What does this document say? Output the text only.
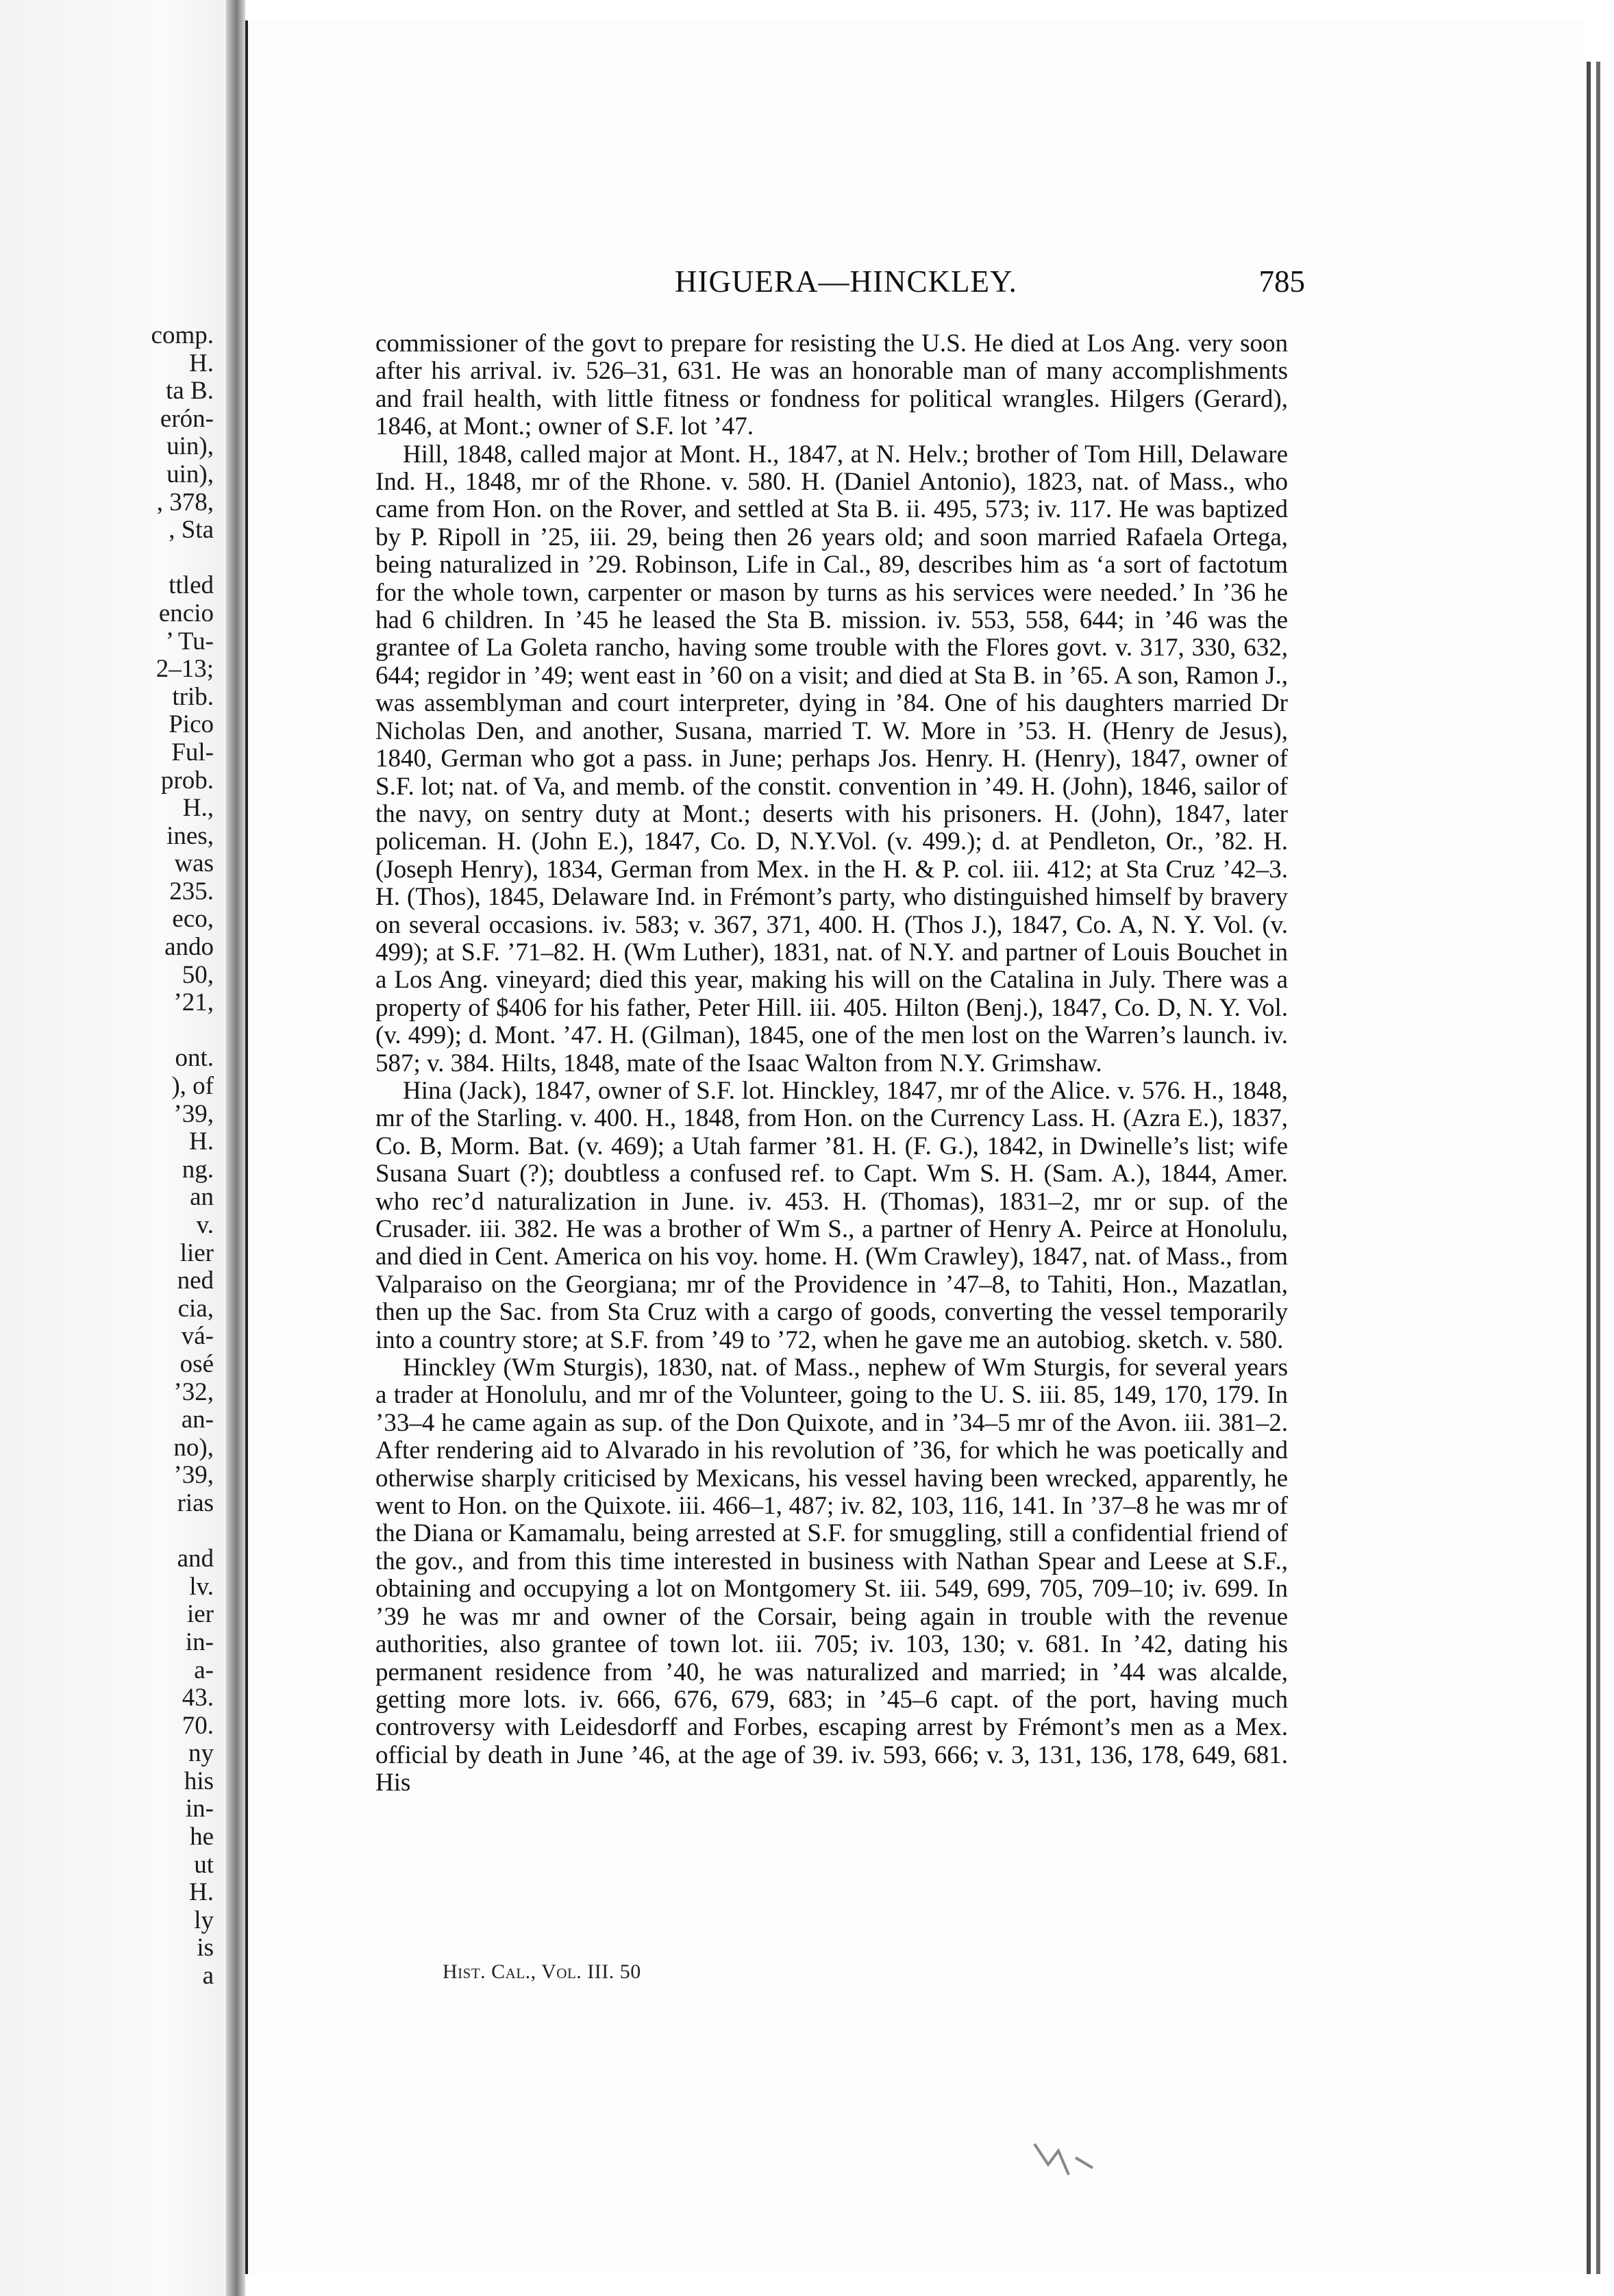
comp.
H.
ta B.
erón-
uin),
uin),
, 378,
, Sta
ttled
encio
’ Tu-
2–13;
trib.
Pico
Ful-
prob.
H.,
ines,
was
235.
eco,
ando
50,
’21,
ont.
), of
’39,
H.
ng.
an
v.
lier
ned
cia,
vá-
osé
’32,
an-
no),
’39,
rias
and
lv.
ier
in-
a-
43.
70.
ny
his
in-
he
ut
H.
ly
is
a
HIGUERA—HINCKLEY.	785

commissioner of the govt to prepare for resisting the U.S. He died at Los Ang. very soon after his arrival. iv. 526–31, 631. He was an honorable man of many accomplishments and frail health, with little fitness or fondness for political wrangles. Hilgers (Gerard), 1846, at Mont.; owner of S.F. lot ’47.

Hill, 1848, called major at Mont. H., 1847, at N. Helv.; brother of Tom Hill, Delaware Ind. H., 1848, mr of the Rhone. v. 580. H. (Daniel Antonio), 1823, nat. of Mass., who came from Hon. on the Rover, and settled at Sta B. ii. 495, 573; iv. 117. He was baptized by P. Ripoll in ’25, iii. 29, being then 26 years old; and soon married Rafaela Ortega, being naturalized in ’29. Robinson, Life in Cal., 89, describes him as ‘a sort of factotum for the whole town, carpenter or mason by turns as his services were needed.’ In ’36 he had 6 children. In ’45 he leased the Sta B. mission. iv. 553, 558, 644; in ’46 was the grantee of La Goleta rancho, having some trouble with the Flores govt. v. 317, 330, 632, 644; regidor in ’49; went east in ’60 on a visit; and died at Sta B. in ’65. A son, Ramon J., was assemblyman and court interpreter, dying in ’84. One of his daughters married Dr Nicholas Den, and another, Susana, married T. W. More in ’53. H. (Henry de Jesus), 1840, German who got a pass. in June; perhaps Jos. Henry. H. (Henry), 1847, owner of S.F. lot; nat. of Va, and memb. of the constit. convention in ’49. H. (John), 1846, sailor of the navy, on sentry duty at Mont.; deserts with his prisoners. H. (John), 1847, later policeman. H. (John E.), 1847, Co. D, N.Y.Vol. (v. 499.); d. at Pendleton, Or., ’82. H. (Joseph Henry), 1834, German from Mex. in the H. & P. col. iii. 412; at Sta Cruz ’42–3. H. (Thos), 1845, Delaware Ind. in Frémont’s party, who distinguished himself by bravery on several occasions. iv. 583; v. 367, 371, 400. H. (Thos J.), 1847, Co. A, N. Y. Vol. (v. 499); at S.F. ’71–82. H. (Wm Luther), 1831, nat. of N.Y. and partner of Louis Bouchet in a Los Ang. vineyard; died this year, making his will on the Catalina in July. There was a property of $406 for his father, Peter Hill. iii. 405. Hilton (Benj.), 1847, Co. D, N. Y. Vol. (v. 499); d. Mont. ’47. H. (Gilman), 1845, one of the men lost on the Warren’s launch. iv. 587; v. 384. Hilts, 1848, mate of the Isaac Walton from N.Y. Grimshaw.

Hina (Jack), 1847, owner of S.F. lot. Hinckley, 1847, mr of the Alice. v. 576. H., 1848, mr of the Starling. v. 400. H., 1848, from Hon. on the Currency Lass. H. (Azra E.), 1837, Co. B, Morm. Bat. (v. 469); a Utah farmer ’81. H. (F. G.), 1842, in Dwinelle’s list; wife Susana Suart (?); doubtless a confused ref. to Capt. Wm S. H. (Sam. A.), 1844, Amer. who rec’d naturalization in June. iv. 453. H. (Thomas), 1831–2, mr or sup. of the Crusader. iii. 382. He was a brother of Wm S., a partner of Henry A. Peirce at Honolulu, and died in Cent. America on his voy. home. H. (Wm Crawley), 1847, nat. of Mass., from Valparaiso on the Georgiana; mr of the Providence in ’47–8, to Tahiti, Hon., Mazatlan, then up the Sac. from Sta Cruz with a cargo of goods, converting the vessel temporarily into a country store; at S.F. from ’49 to ’72, when he gave me an autobiog. sketch. v. 580.

Hinckley (Wm Sturgis), 1830, nat. of Mass., nephew of Wm Sturgis, for several years a trader at Honolulu, and mr of the Volunteer, going to the U. S. iii. 85, 149, 170, 179. In ’33–4 he came again as sup. of the Don Quixote, and in ’34–5 mr of the Avon. iii. 381–2. After rendering aid to Alvarado in his revolution of ’36, for which he was poetically and otherwise sharply criticised by Mexicans, his vessel having been wrecked, apparently, he went to Hon. on the Quixote. iii. 466–1, 487; iv. 82, 103, 116, 141. In ’37–8 he was mr of the Diana or Kamamalu, being arrested at S.F. for smuggling, still a confidential friend of the gov., and from this time interested in business with Nathan Spear and Leese at S.F., obtaining and occupying a lot on Montgomery St. iii. 549, 699, 705, 709–10; iv. 699. In ’39 he was mr and owner of the Corsair, being again in trouble with the revenue authorities, also grantee of town lot. iii. 705; iv. 103, 130; v. 681. In ’42, dating his permanent residence from ’40, he was naturalized and married; in ’44 was alcalde, getting more lots. iv. 666, 676, 679, 683; in ’45–6 capt. of the port, having much controversy with Leidesdorff and Forbes, escaping arrest by Frémont’s men as a Mex. official by death in June ’46, at the age of 39. iv. 593, 666; v. 3, 131, 136, 178, 649, 681. His

Hist. Cal., Vol. III. 50
